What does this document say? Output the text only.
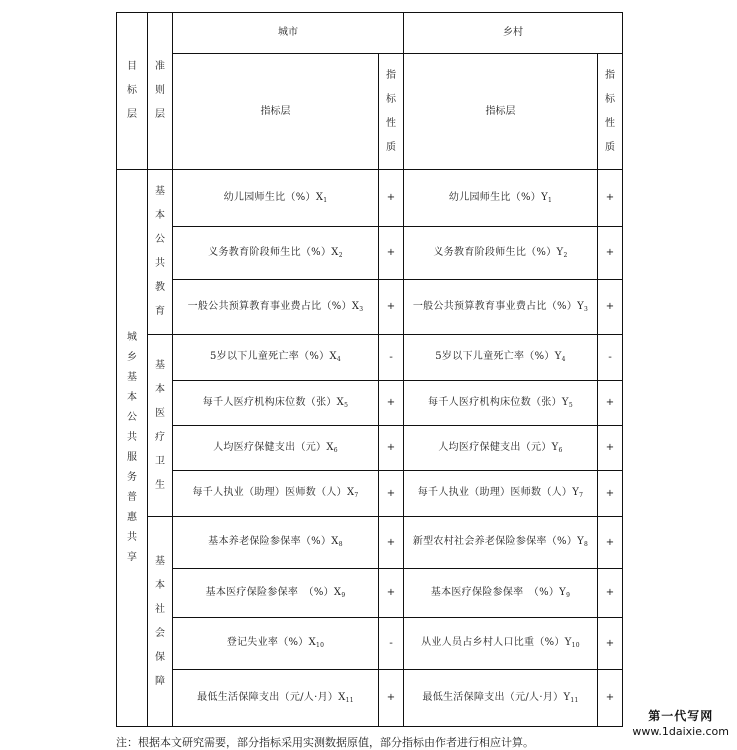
目标层	准则层	城市		乡村	
		指标层	指标性质	指标层	指标性质
城乡基本公共服务普惠共享	基本公共教育	幼儿园师生比$(\%)X_1$	+	幼儿园师生比$(\%)Y_1$	+
		义务教育阶段师生比$(\%)X_2$	+	义务教育阶段师生比$(\%)Y_2$	+
		一般公共预算教育事业费占比$(\%)X_3$	+	一般公共预算教育事业费占比$(\%)Y_3$	+
	基本医疗卫生	5岁以下儿童死亡率$(\%)X_4$	-	5岁以下儿童死亡率$(\%)Y_4$	-
		每千人医疗机构床位数（张）$X_5$	+	每千人医疗机构床位数（张）$Y_5$	+
		人均医疗保健支出（元）$X_6$	+	人均医疗保健支出（元）$Y_6$	+
		每千人执业（助理）医师数（人）$X_7$	+	每千人执业（助理）医师数（人）$Y_7$	+
	基本社会保障	基本养老保险参保率$(\%)X_8$	+	新型农村社会养老保险参保率$(\%)Y_8$	+
		基本医疗保险参保率　$(\%)X_9$	+	基本医疗保险参保率　$(\%)Y_9$	+
		登记失业率$(\%)X_{10}$	-	从业人员占乡村人口比重$(\%)Y_{10}$	+
		最低生活保障支出（元/人·月）$X_{11}$	+	最低生活保障支出（元/人·月）$Y_{11}$	+
注：根据本文研究需要，部分指标采用实测数据原值，部分指标由作者进行相应计算。
第一代写网
www.1daixie.com
